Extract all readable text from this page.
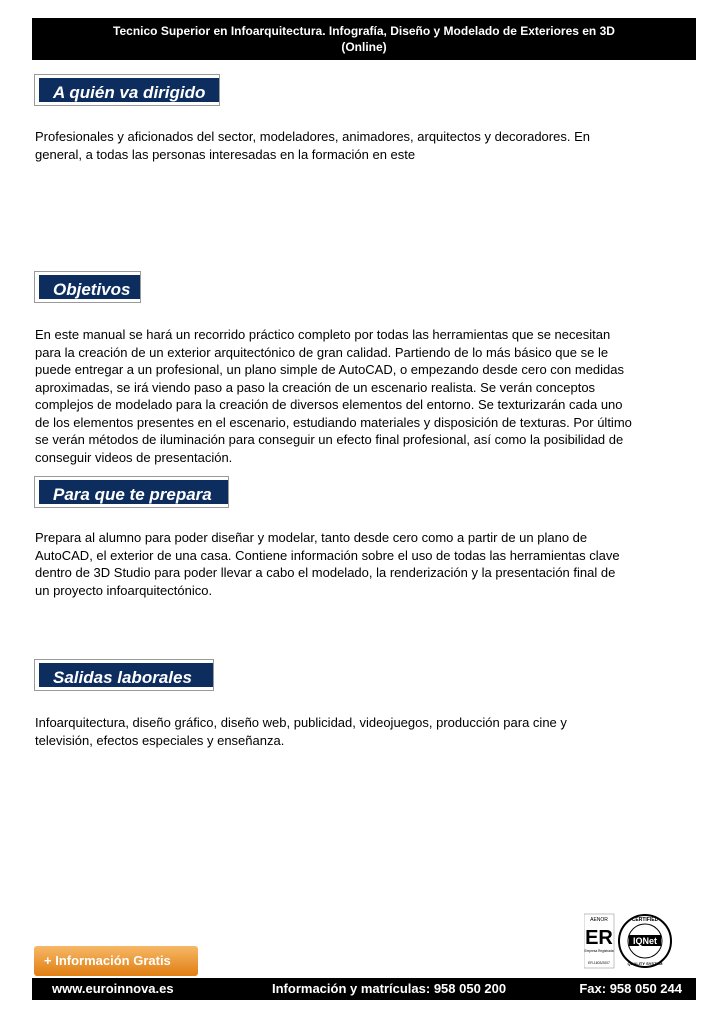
Tecnico Superior en Infoarquitectura. Infografía, Diseño y Modelado de Exteriores en 3D
(Online)
A quién va dirigido

Profesionales y aficionados del sector, modeladores, animadores, arquitectos y decoradores. En general, a todas las personas interesadas en la formación en este

Objetivos

En este manual se hará un recorrido práctico completo por todas las herramientas que se necesitan para la creación de un exterior arquitectónico de gran calidad. Partiendo de lo más básico que se le puede entregar a un profesional, un plano simple de AutoCAD, o empezando desde cero con medidas aproximadas, se irá viendo paso a paso la creación de un escenario realista. Se verán conceptos complejos de modelado para la creación de diversos elementos del entorno. Se texturizarán cada uno de los elementos presentes en el escenario, estudiando materiales y disposición de texturas. Por último se verán métodos de iluminación para conseguir un efecto final profesional, así como la posibilidad de conseguir videos de presentación.

Para que te prepara

Prepara al alumno para poder diseñar y modelar, tanto desde cero como a partir de un plano de AutoCAD, el exterior de una casa. Contiene información sobre el uso de todas las herramientas clave dentro de 3D Studio para poder llevar a cabo el modelado, la renderización y la presentación final de un proyecto infoarquitectónico.

Salidas laborales

Infoarquitectura, diseño gráfico, diseño web, publicidad, videojuegos, producción para cine y televisión, efectos especiales y enseñanza.

AENOR
ER
Empresa Registrada
ER-1603/2007
CERTIFIED
IQNet
QUALITY SYSTEM
+ Información Gratis
www.euroinnova.es	Información y matrículas: 958 050 200	Fax: 958 050 244
